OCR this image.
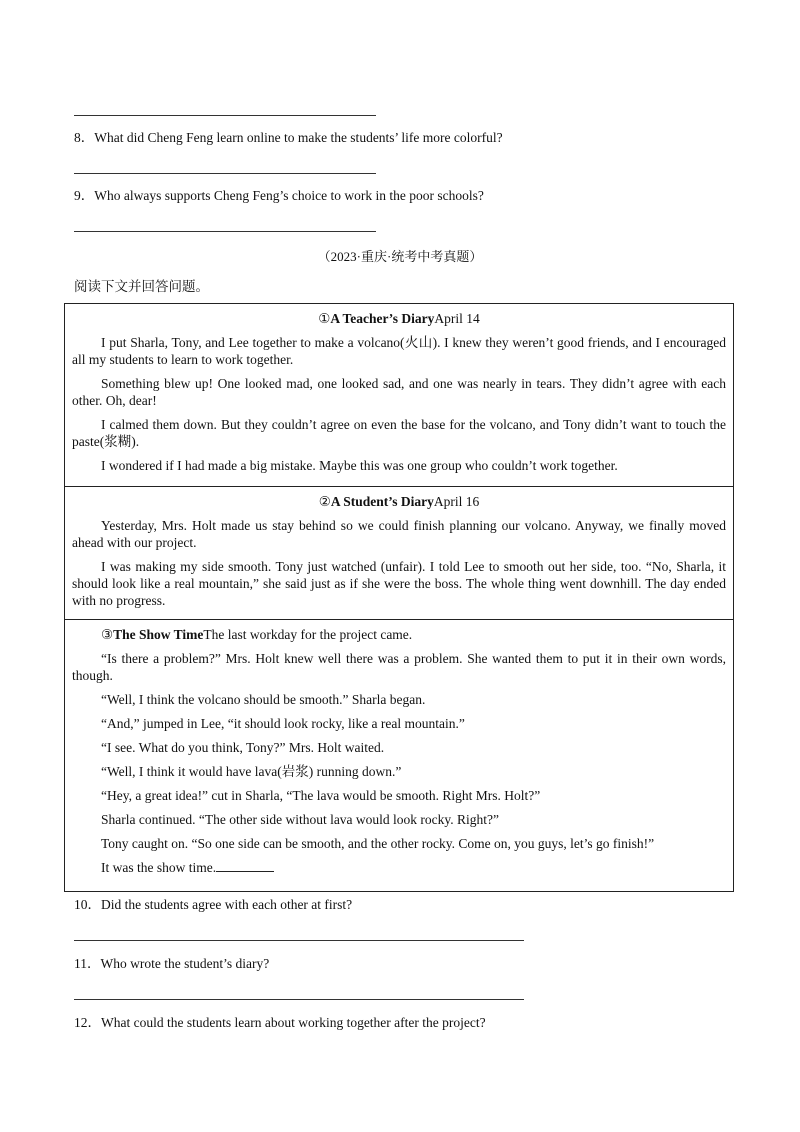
8．What did Cheng Feng learn online to make the students’ life more colorful?
9．Who always supports Cheng Feng’s choice to work in the poor schools?
（2023·重庆·统考中考真题）
阅读下文并回答问题。

①A Teacher’s DiaryApril 14

I put Sharla, Tony, and Lee together to make a volcano(火山). I knew they weren’t good friends, and I encouraged all my students to learn to work together.

Something blew up! One looked mad, one looked sad, and one was nearly in tears. They didn’t agree with each other. Oh, dear!

I calmed them down. But they couldn’t agree on even the base for the volcano, and Tony didn’t want to touch the paste(浆糊).

I wondered if I had made a big mistake. Maybe this was one group who couldn’t work together.

②A Student’s DiaryApril 16

Yesterday, Mrs. Holt made us stay behind so we could finish planning our volcano. Anyway, we finally moved ahead with our project.

I was making my side smooth. Tony just watched (unfair). I told Lee to smooth out her side, too. “No, Sharla, it should look like a real mountain,” she said just as if she were the boss. The whole thing went downhill. The day ended with no progress.

③The Show TimeThe last workday for the project came.

“Is there a problem?” Mrs. Holt knew well there was a problem. She wanted them to put it in their own words, though.

“Well, I think the volcano should be smooth.” Sharla began.

“And,” jumped in Lee, “it should look rocky, like a real mountain.”

“I see. What do you think, Tony?” Mrs. Holt waited.

“Well, I think it would have lava(岩浆) running down.”

“Hey, a great idea!” cut in Sharla, “The lava would be smooth. Right Mrs. Holt?”

Sharla continued. “The other side without lava would look rocky. Right?”

Tony caught on. “So one side can be smooth, and the other rocky. Come on, you guys, let’s go finish!”

It was the show time.

10．Did the students agree with each other at first?
11．Who wrote the student’s diary?
12．What could the students learn about working together after the project?
